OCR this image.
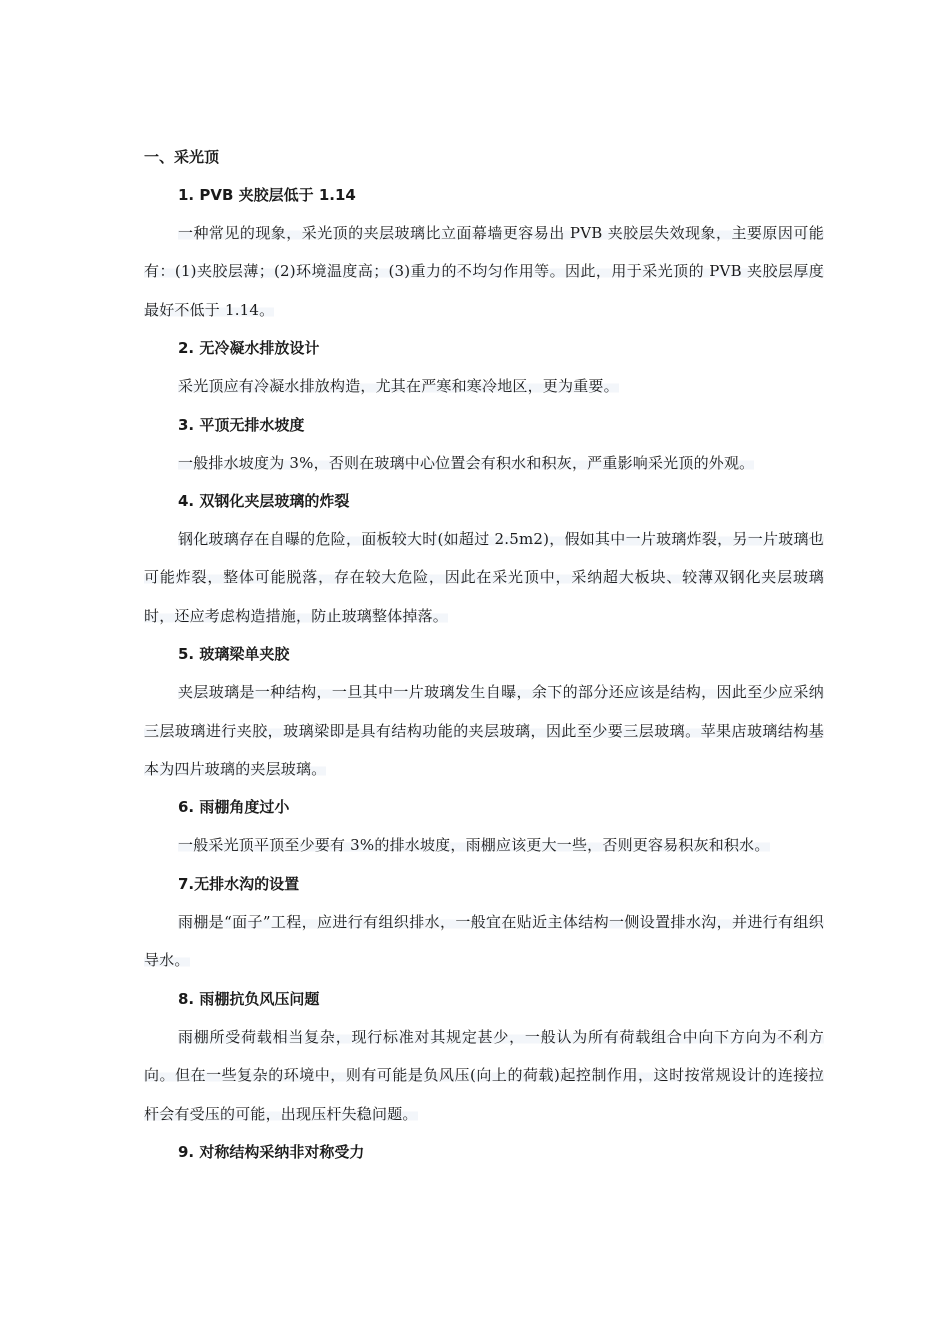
一、采光顶
1. PVB 夹胶层低于 1.14

一种常见的现象，采光顶的夹层玻璃比立面幕墙更容易出 PVB 夹胶层失效现象，主要原因可能有：(1)夹胶层薄；(2)环境温度高；(3)重力的不均匀作用等。因此，用于采光顶的 PVB 夹胶层厚度最好不低于 1.14。

2. 无冷凝水排放设计

采光顶应有冷凝水排放构造，尤其在严寒和寒冷地区，更为重要。

3. 平顶无排水坡度

一般排水坡度为 3%，否则在玻璃中心位置会有积水和积灰，严重影响采光顶的外观。

4. 双钢化夹层玻璃的炸裂

钢化玻璃存在自曝的危险，面板较大时(如超过 2.5m2)，假如其中一片玻璃炸裂，另一片玻璃也可能炸裂，整体可能脱落，存在较大危险，因此在采光顶中，采纳超大板块、较薄双钢化夹层玻璃时，还应考虑构造措施，防止玻璃整体掉落。

5. 玻璃梁单夹胶

夹层玻璃是一种结构，一旦其中一片玻璃发生自曝，余下的部分还应该是结构，因此至少应采纳三层玻璃进行夹胶，玻璃梁即是具有结构功能的夹层玻璃，因此至少要三层玻璃。苹果店玻璃结构基本为四片玻璃的夹层玻璃。

6. 雨棚角度过小

一般采光顶平顶至少要有 3%的排水坡度，雨棚应该更大一些，否则更容易积灰和积水。

7.无排水沟的设置

雨棚是“面子”工程，应进行有组织排水，一般宜在贴近主体结构一侧设置排水沟，并进行有组织导水。

8. 雨棚抗负风压问题

雨棚所受荷载相当复杂，现行标准对其规定甚少，一般认为所有荷载组合中向下方向为不利方向。但在一些复杂的环境中，则有可能是负风压(向上的荷载)起控制作用，这时按常规设计的连接拉杆会有受压的可能，出现压杆失稳问题。

9. 对称结构采纳非对称受力
